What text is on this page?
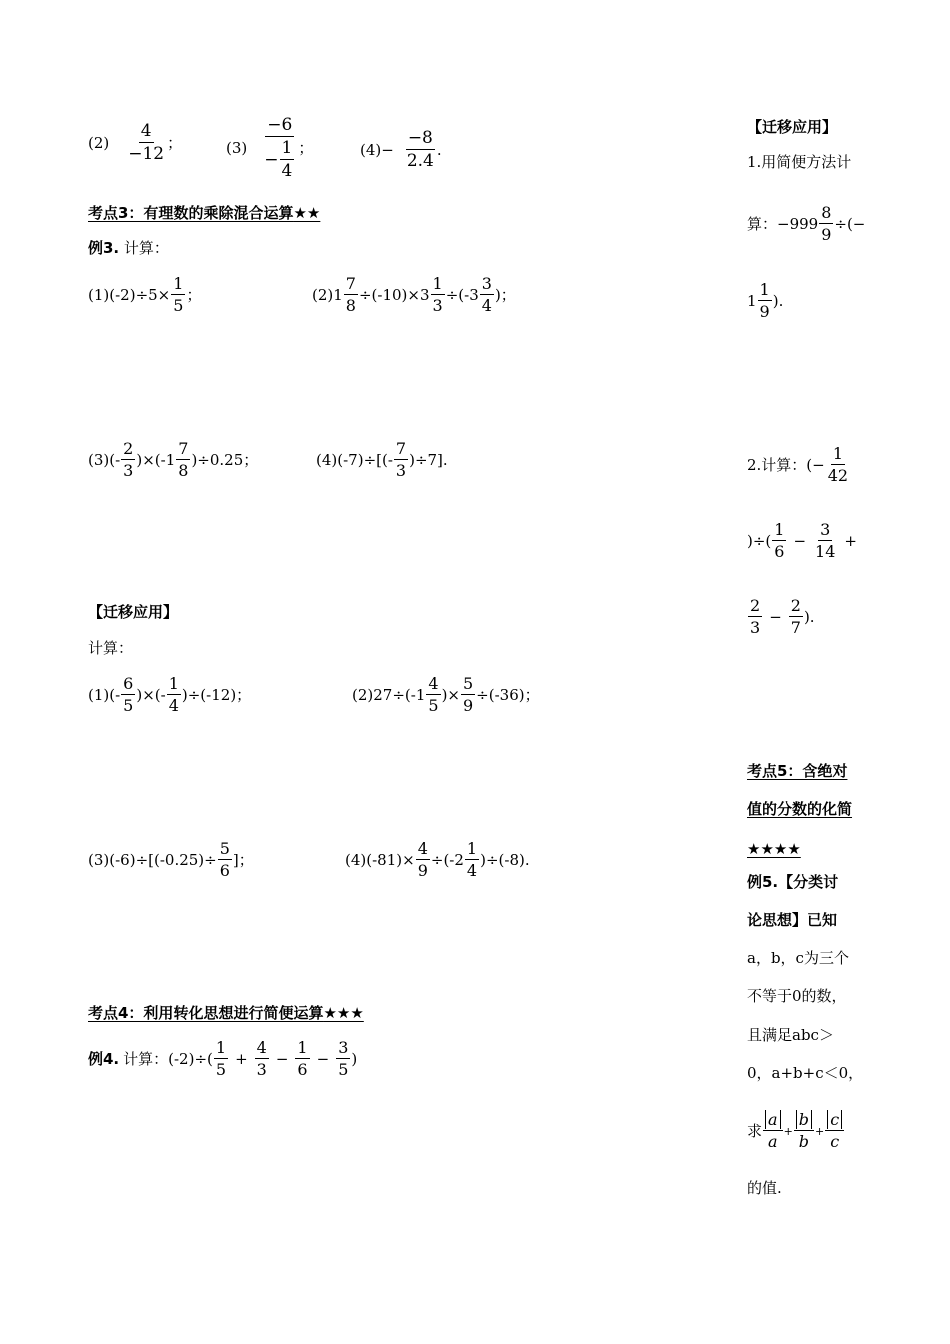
(2)
4
−12
；	(3)
−6
− $\frac{1}{4}$ ；	(4)−
−8
2.4
.
考点3：有理数的乘除混合运算★★
例3. 计算：
$(1)(-2)\div 5\times \frac{1}{5}$ ；	$(2)1 \frac{7}{8} \div(-10)\times 3 \frac{1}{3} \div(-3$
3
4
)；
(3)(-
2
3
)×(-1
7
8
)÷0.25；	(4)(-7)÷[(-
7
3
)÷7].
【迁移应用】
计算：
(1)(-
6
5
)×(-
1
4
)÷(-12)；	(2)27÷(-1
4
5
)× $\frac{5}{9} \div(-36)$；
$(3)(-6)\div[(-0.25)\div \frac{5}{6}$ ]；	$(4)(-81)\times \frac{4}{9} \div(-2$
1
4
)÷(-8).
考点4：利用转化思想进行简便运算★★★
例4. 计算：(-2)÷(
1
5
+
4
3
−
1
6
−
3
5
)
【迁移应用】
1.用简便方法计
算：$-999 \frac{8}{9}$ ÷(−
1
1
9
).
2.计算：(− $\frac{1}{42}$
)÷(
1
6
−
3
14
+
2
3
−
2
7
).
考点5：含绝对
值的分数的化简
★★★★
例5.【分类讨
论思想】已知
a，b，c为三个
不等于0的数，
且满足abc＞
0，a+b+c＜0，
求
a
a
+ $\frac{b}{b} + \frac{c}{c}$
的值.
